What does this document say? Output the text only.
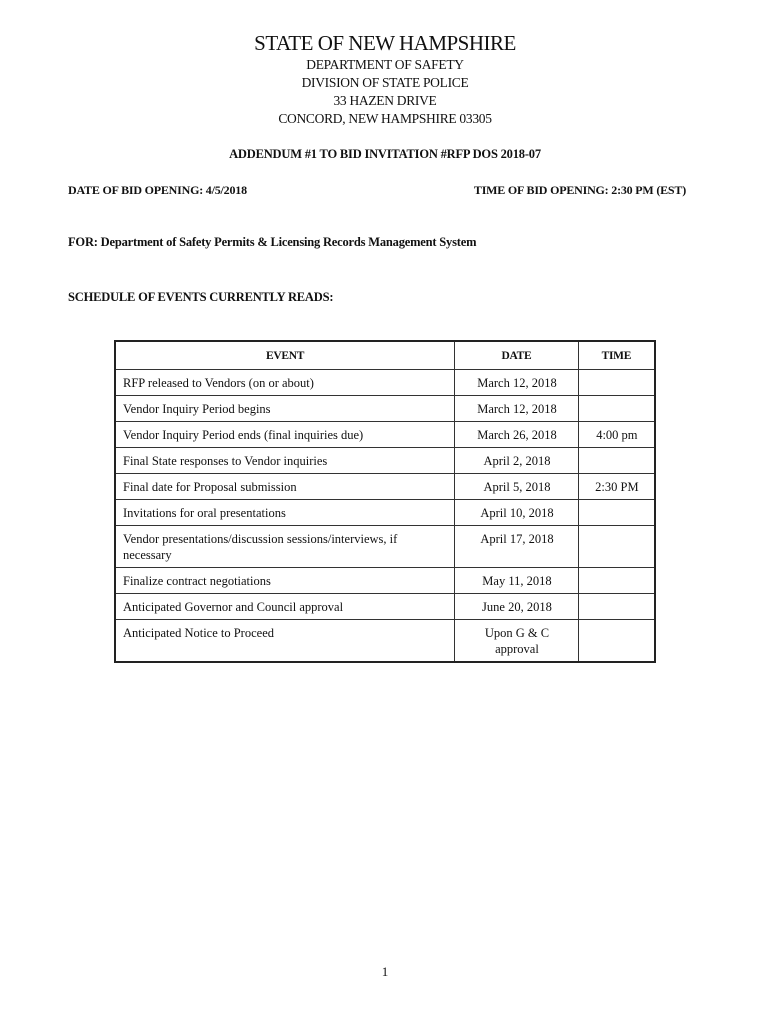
STATE OF NEW HAMPSHIRE
DEPARTMENT OF SAFETY
DIVISION OF STATE POLICE
33 HAZEN DRIVE
CONCORD, NEW HAMPSHIRE 03305
ADDENDUM #1 TO BID INVITATION #RFP DOS 2018-07
DATE OF BID OPENING: 4/5/2018	TIME OF BID OPENING: 2:30 PM (EST)
FOR: Department of Safety Permits & Licensing Records Management System
SCHEDULE OF EVENTS CURRENTLY READS:
EVENT	DATE	TIME
RFP released to Vendors (on or about)	March 12, 2018	
Vendor Inquiry Period begins	March 12, 2018	
Vendor Inquiry Period ends (final inquiries due)	March 26, 2018	4:00 pm
Final State responses to Vendor inquiries	April 2, 2018	
Final date for Proposal submission	April 5, 2018	2:30 PM
Invitations for oral presentations	April 10, 2018	
Vendor presentations/discussion sessions/interviews, if necessary	April 17, 2018	
Finalize contract negotiations	May 11, 2018	
Anticipated Governor and Council approval	June 20, 2018	
Anticipated Notice to Proceed	Upon G & C approval	
1
